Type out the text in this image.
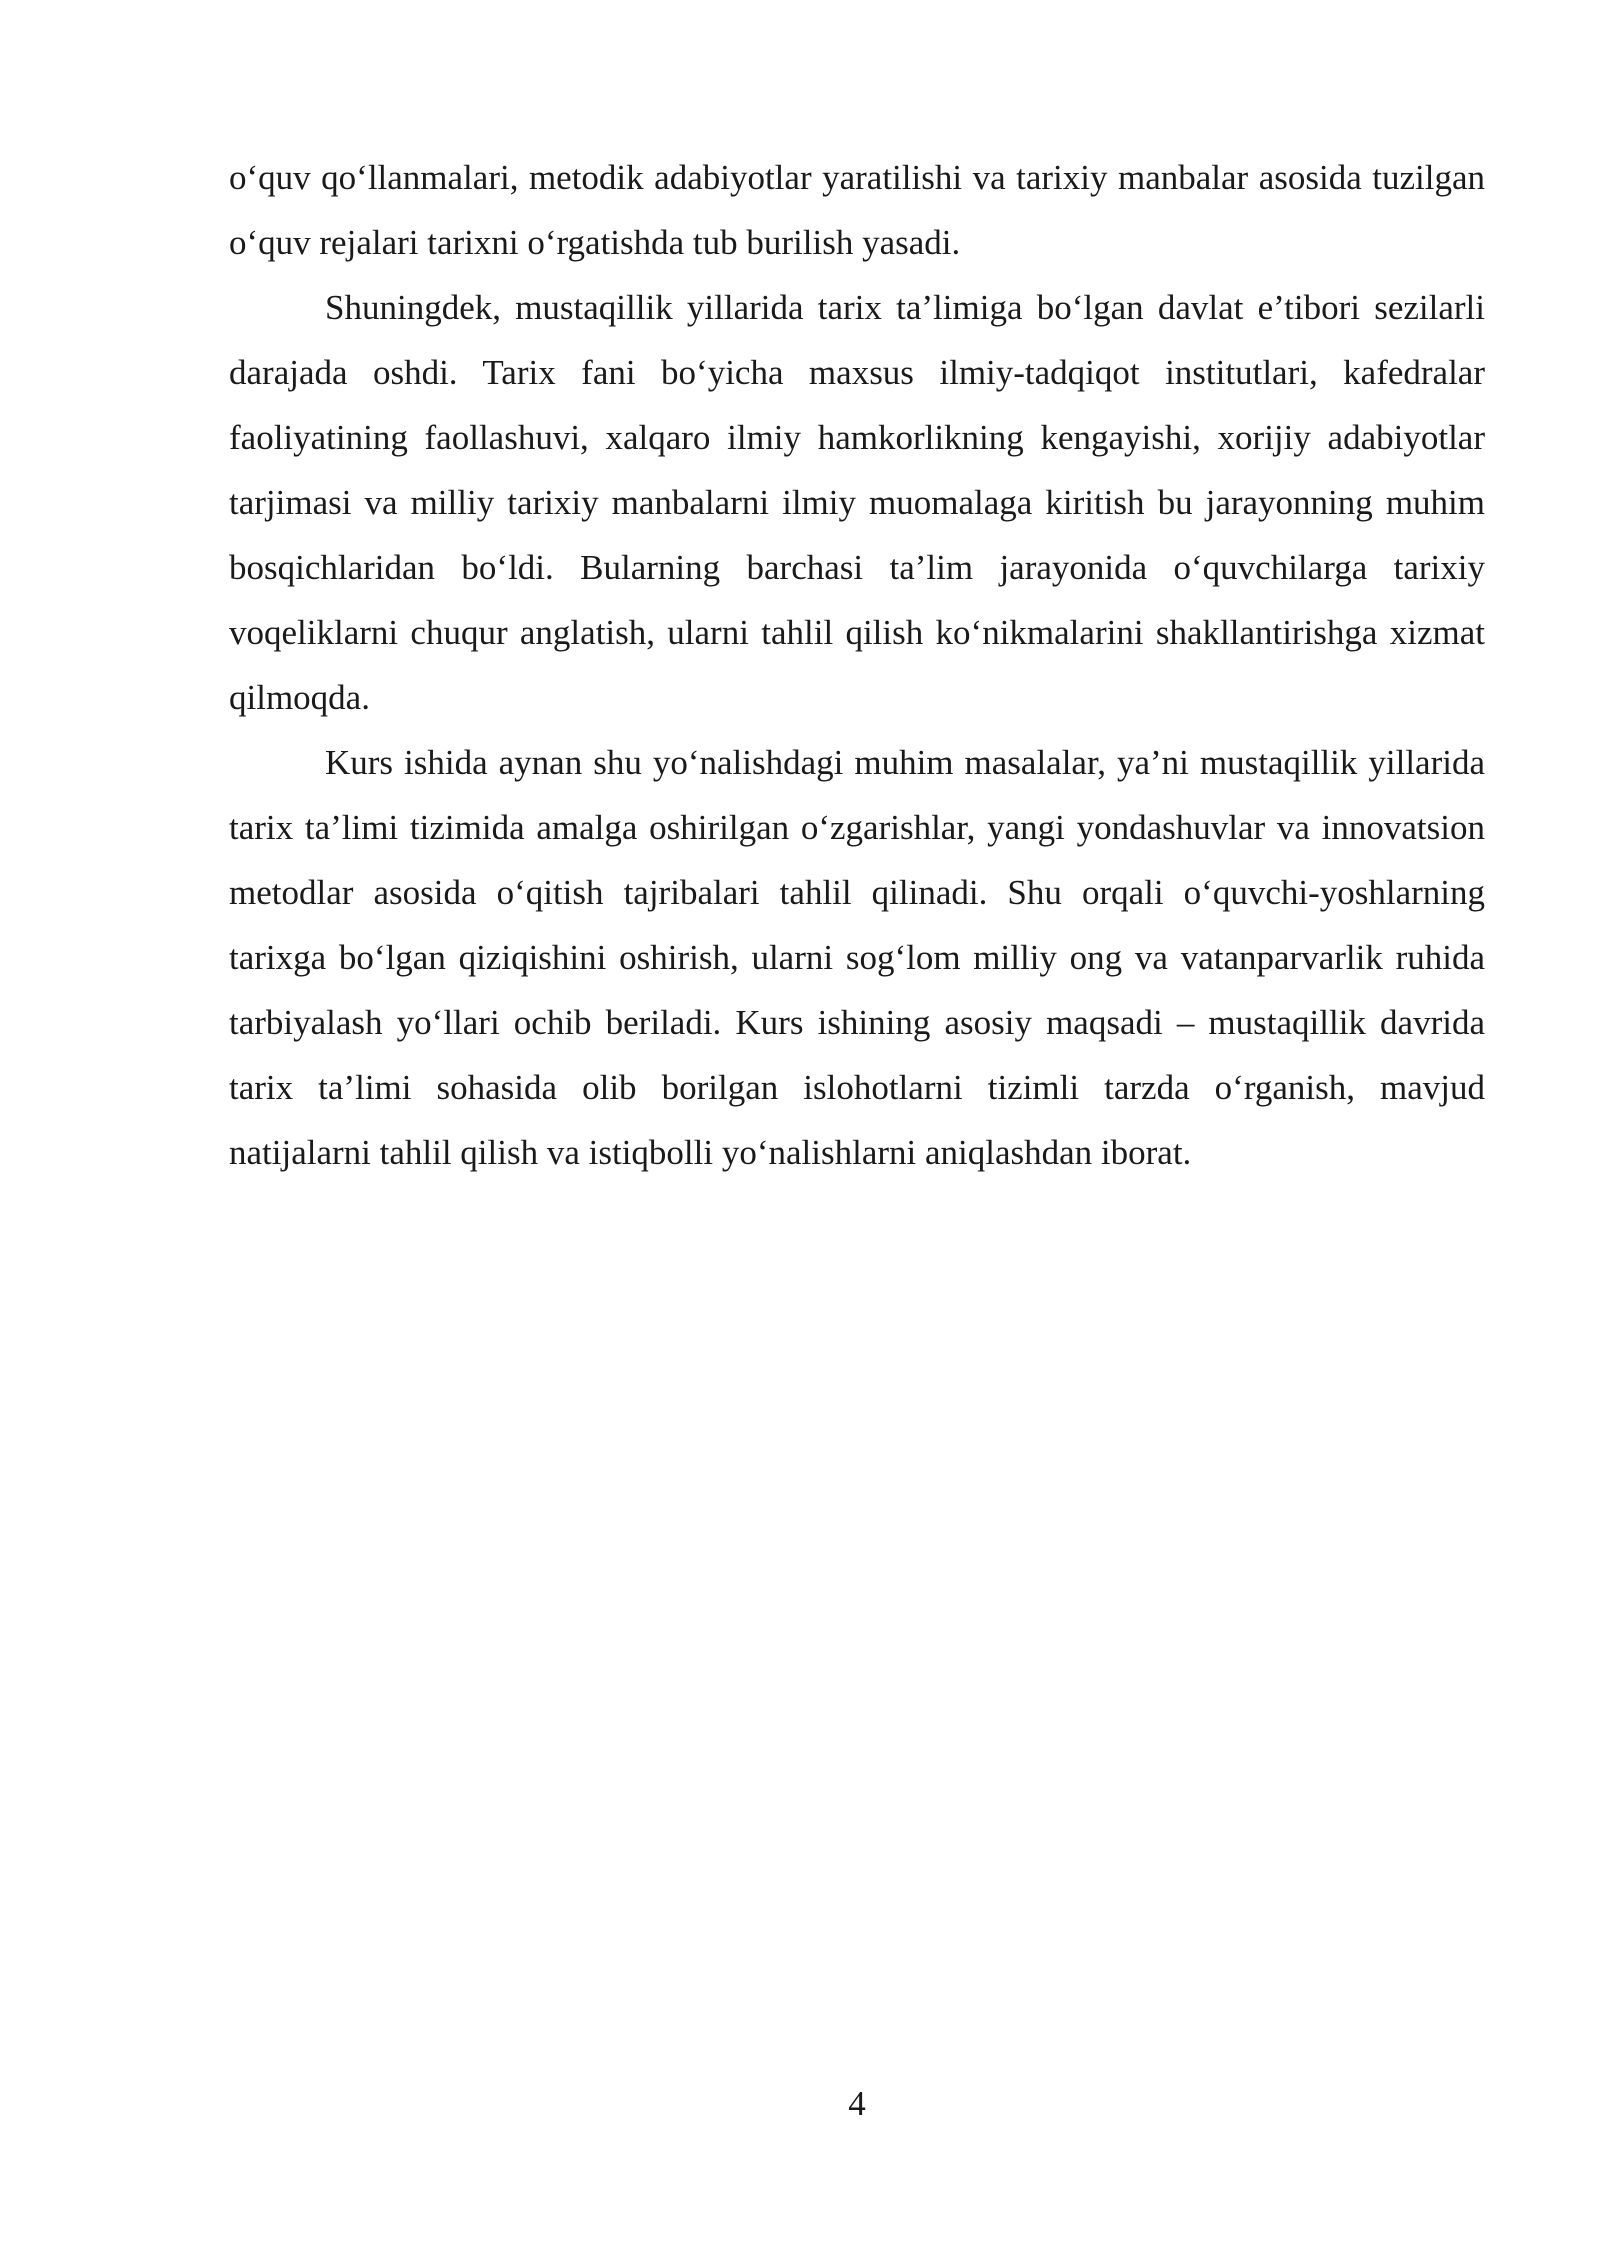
o‘quv qo‘llanmalari, metodik adabiyotlar yaratilishi va tarixiy manbalar asosida tuzilgan o‘quv rejalari tarixni o‘rgatishda tub burilish yasadi.

Shuningdek, mustaqillik yillarida tarix ta’limiga bo‘lgan davlat e’tibori sezilarli darajada oshdi. Tarix fani bo‘yicha maxsus ilmiy-tadqiqot institutlari, kafedralar faoliyatining faollashuvi, xalqaro ilmiy hamkorlikning kengayishi, xorijiy adabiyotlar tarjimasi va milliy tarixiy manbalarni ilmiy muomalaga kiritish bu jarayonning muhim bosqichlaridan bo‘ldi. Bularning barchasi ta’lim jarayonida o‘quvchilarga tarixiy voqeliklarni chuqur anglatish, ularni tahlil qilish ko‘nikmalarini shakllantirishga xizmat qilmoqda.

Kurs ishida aynan shu yo‘nalishdagi muhim masalalar, ya’ni mustaqillik yillarida tarix ta’limi tizimida amalga oshirilgan o‘zgarishlar, yangi yondashuvlar va innovatsion metodlar asosida o‘qitish tajribalari tahlil qilinadi. Shu orqali o‘quvchi-yoshlarning tarixga bo‘lgan qiziqishini oshirish, ularni sog‘lom milliy ong va vatanparvarlik ruhida tarbiyalash yo‘llari ochib beriladi. Kurs ishining asosiy maqsadi – mustaqillik davrida tarix ta’limi sohasida olib borilgan islohotlarni tizimli tarzda o‘rganish, mavjud natijalarni tahlil qilish va istiqbolli yo‘nalishlarni aniqlashdan iborat.

4
